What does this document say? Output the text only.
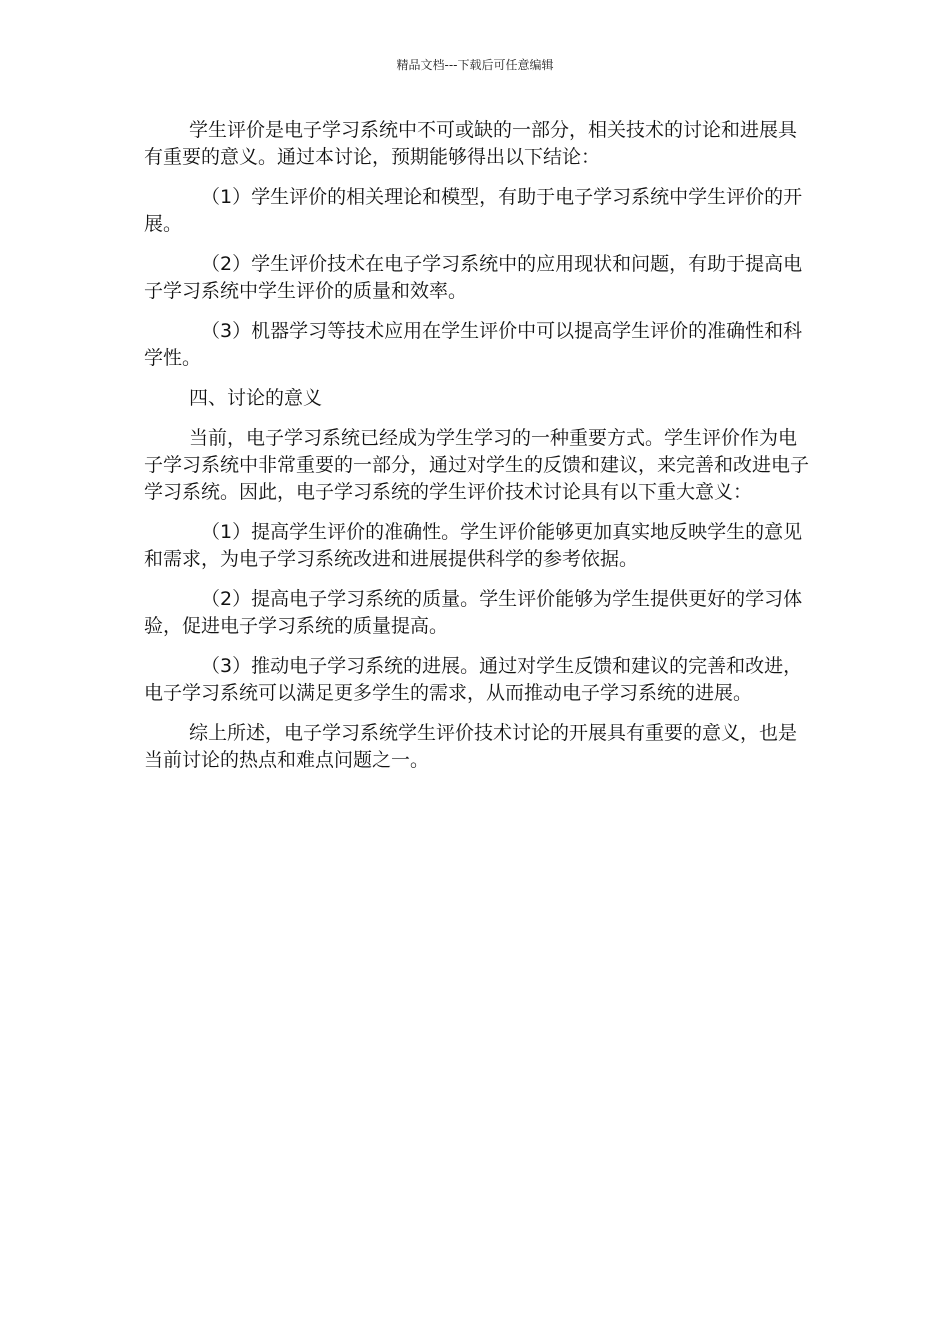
精品文档---下载后可任意编辑

学生评价是电子学习系统中不可或缺的一部分，相关技术的讨论和进展具有重要的意义。通过本讨论，预期能够得出以下结论：

（1）学生评价的相关理论和模型，有助于电子学习系统中学生评价的开展。

（2）学生评价技术在电子学习系统中的应用现状和问题，有助于提高电子学习系统中学生评价的质量和效率。

（3）机器学习等技术应用在学生评价中可以提高学生评价的准确性和科学性。

四、讨论的意义

当前，电子学习系统已经成为学生学习的一种重要方式。学生评价作为电子学习系统中非常重要的一部分，通过对学生的反馈和建议，来完善和改进电子学习系统。因此，电子学习系统的学生评价技术讨论具有以下重大意义：

（1）提高学生评价的准确性。学生评价能够更加真实地反映学生的意见和需求，为电子学习系统改进和进展提供科学的参考依据。

（2）提高电子学习系统的质量。学生评价能够为学生提供更好的学习体验，促进电子学习系统的质量提高。

（3）推动电子学习系统的进展。通过对学生反馈和建议的完善和改进，电子学习系统可以满足更多学生的需求，从而推动电子学习系统的进展。

综上所述，电子学习系统学生评价技术讨论的开展具有重要的意义，也是当前讨论的热点和难点问题之一。
